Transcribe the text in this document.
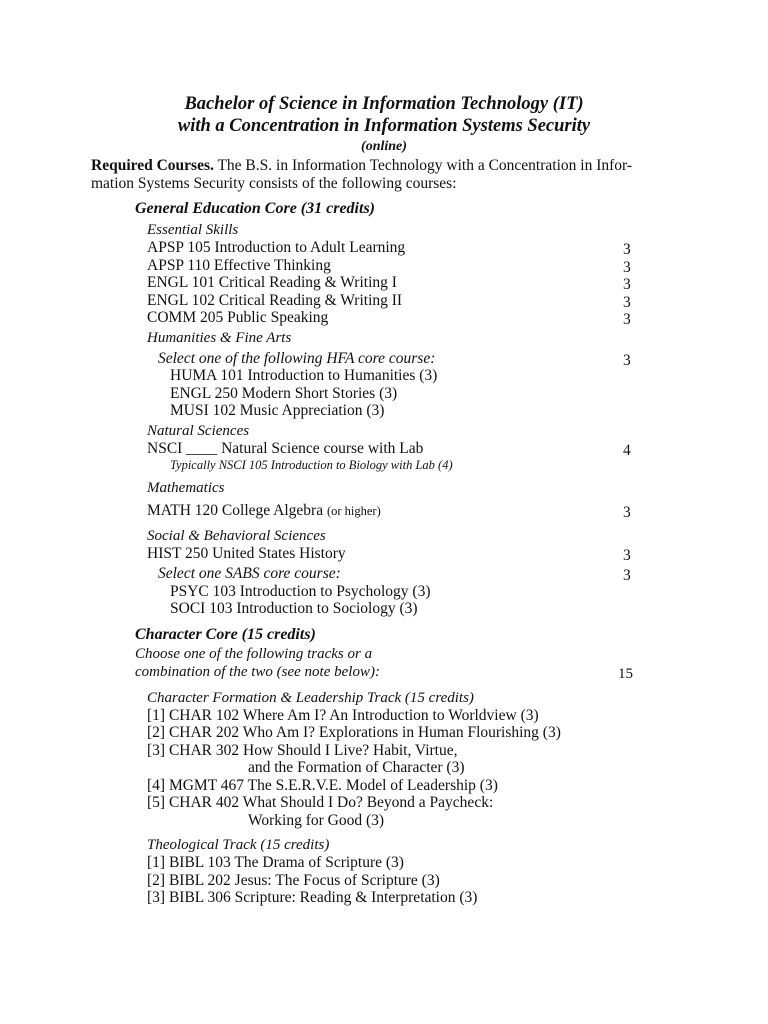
Bachelor of Science in Information Technology (IT)
with a Concentration in Information Systems Security
(online)
Required Courses. The B.S. in Information Technology with a Concentration in Infor-
mation Systems Security consists of the following courses:
General Education Core (31 credits)
Essential Skills
APSP 105 Introduction to Adult Learning	3
APSP 110 Effective Thinking	3
ENGL 101 Critical Reading & Writing I	3
ENGL 102 Critical Reading & Writing II	3
COMM 205 Public Speaking	3
Humanities & Fine Arts
Select one of the following HFA core course:	3
HUMA 101 Introduction to Humanities (3)
ENGL 250 Modern Short Stories (3)
MUSI 102 Music Appreciation (3)
Natural Sciences
NSCI ____ Natural Science course with Lab	4
Typically NSCI 105 Introduction to Biology with Lab (4)
Mathematics
MATH 120 College Algebra (or higher)	3
Social & Behavioral Sciences
HIST 250 United States History	3
Select one SABS core course:	3
PSYC 103 Introduction to Psychology (3)
SOCI 103 Introduction to Sociology (3)
Character Core (15 credits)
Choose one of the following tracks or a
combination of the two (see note below):	15
Character Formation & Leadership Track (15 credits)
[1] CHAR 102 Where Am I? An Introduction to Worldview (3)
[2] CHAR 202 Who Am I? Explorations in Human Flourishing (3)
[3] CHAR 302 How Should I Live? Habit, Virtue,
and the Formation of Character (3)
[4] MGMT 467 The S.E.R.V.E. Model of Leadership (3)
[5] CHAR 402 What Should I Do? Beyond a Paycheck:
Working for Good (3)
Theological Track (15 credits)
[1] BIBL 103 The Drama of Scripture (3)
[2] BIBL 202 Jesus: The Focus of Scripture (3)
[3] BIBL 306 Scripture: Reading & Interpretation (3)
